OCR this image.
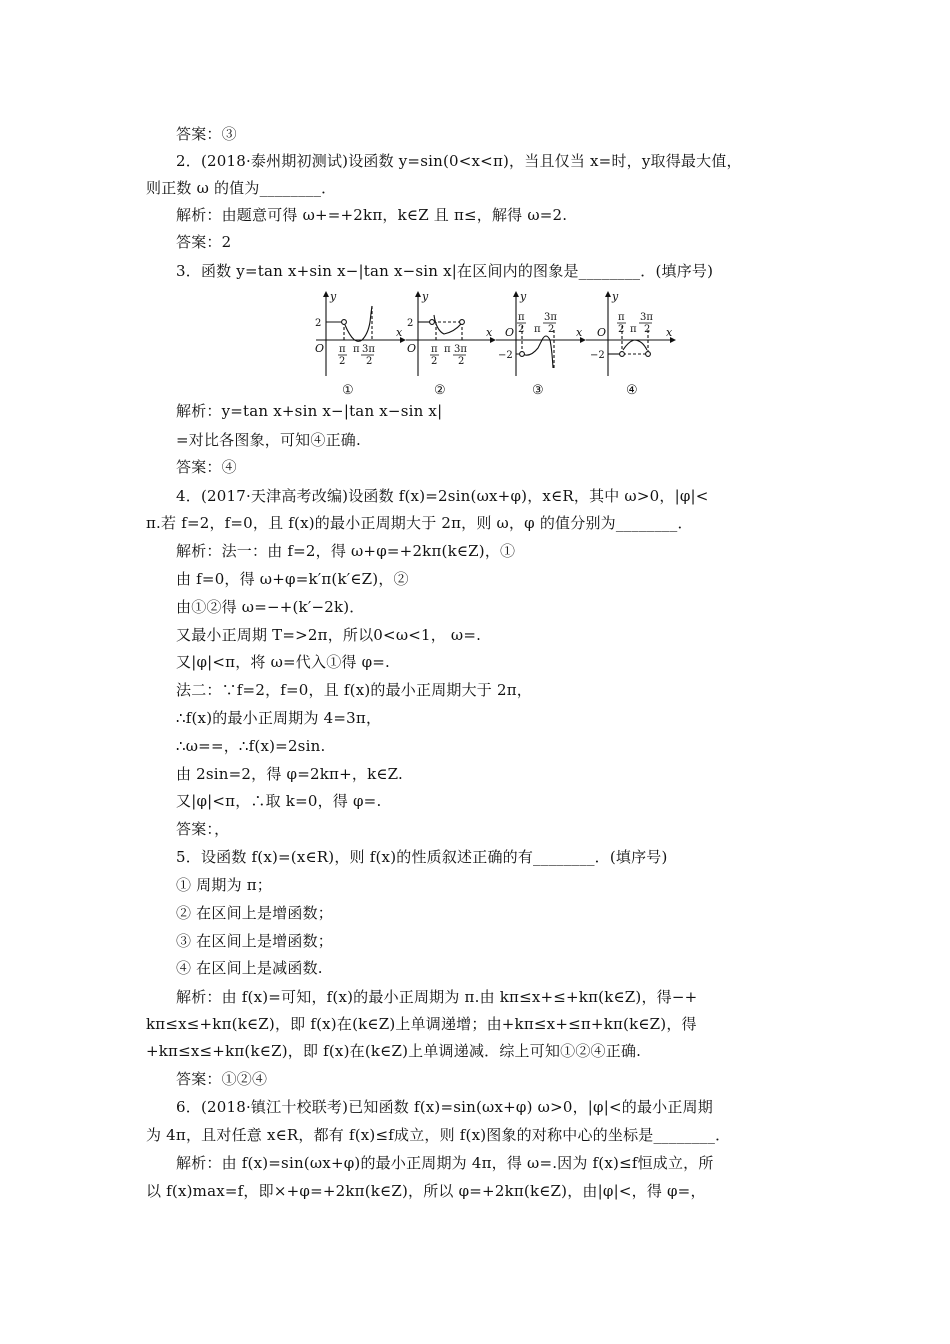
答案：③
2．(2018·泰州期初测试)设函数 y=sin(0<x<π)，当且仅当 x=时，y取得最大值，
则正数 ω 的值为________．
解析：由题意可得 ω+=+2kπ，k∈Z 且 π≤，解得 ω=2.
答案：2
3．函数 y=tan x+sin x−|tan x−sin x|在区间内的图象是________．(填序号)
y
x
y
x
y
x
y
x
O	O
O	O
2	2
−2	−2
π
2
π 3π
2
π
2
π 3π
2
π
2 π
3π
2
π
2 π
3π
2
①	②	③	④
解析：y=tan x+sin x−|tan x−sin x|
=对比各图象，可知④正确.
答案：④
4．(2017·天津高考改编)设函数 f(x)=2sin(ωx+φ)，x∈R，其中 ω>0，|φ|<
π.若 f=2，f=0，且 f(x)的最小正周期大于 2π，则 ω，φ 的值分别为________．
解析：法一：由 f=2，得 ω+φ=+2kπ(k∈Z)，①
由 f=0，得 ω+φ=k′π(k′∈Z)，②
由①②得 ω=−+(k′−2k)．
又最小正周期 T=>2π，所以0<ω<1， ω=.
又|φ|<π，将 ω=代入①得 φ=.
法二：∵f=2，f=0，且 f(x)的最小正周期大于 2π，
∴f(x)的最小正周期为 4=3π，
∴ω==，∴f(x)=2sin.
由 2sin=2，得 φ=2kπ+，k∈Z.
又|φ|<π，∴取 k=0，得 φ=.
答案：，
5．设函数 f(x)=(x∈R)，则 f(x)的性质叙述正确的有________．(填序号)
① 周期为 π；
② 在区间上是增函数；
③ 在区间上是增函数；
④ 在区间上是减函数.
解析：由 f(x)=可知，f(x)的最小正周期为 π.由 kπ≤x+≤+kπ(k∈Z)，得−+
kπ≤x≤+kπ(k∈Z)，即 f(x)在(k∈Z)上单调递增；由+kπ≤x+≤π+kπ(k∈Z)，得
+kπ≤x≤+kπ(k∈Z)，即 f(x)在(k∈Z)上单调递减．综上可知①②④正确.
答案：①②④
6．(2018·镇江十校联考)已知函数 f(x)=sin(ωx+φ) ω>0，|φ|<的最小正周期
为 4π，且对任意 x∈R，都有 f(x)≤f成立，则 f(x)图象的对称中心的坐标是________．
解析：由 f(x)=sin(ωx+φ)的最小正周期为 4π，得 ω=.因为 f(x)≤f恒成立，所
以 f(x)max=f，即×+φ=+2kπ(k∈Z)，所以 φ=+2kπ(k∈Z)，由|φ|<，得 φ=，
